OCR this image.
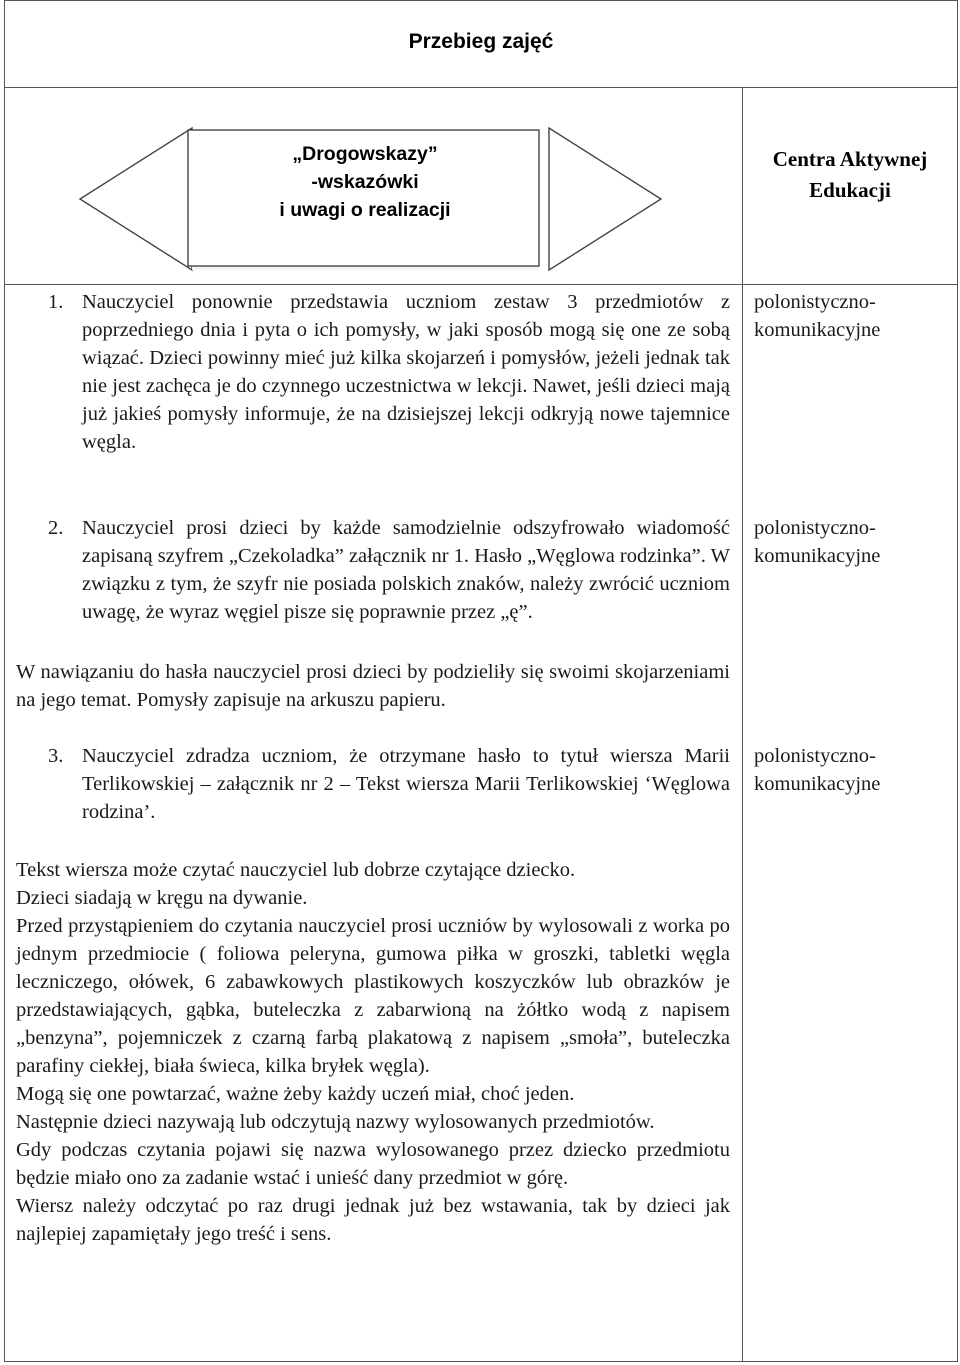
Przebieg zajęć
„Drogowskazy”
-wskazówki
i uwagi o realizacji
Centra Aktywnej
Edukacji
1. Nauczyciel ponownie przedstawia uczniom zestaw 3 przedmiotów z poprzedniego dnia i pyta o ich pomysły, w jaki sposób mogą się one ze sobą wiązać. Dzieci powinny mieć już kilka skojarzeń i pomysłów, jeżeli jednak tak nie jest zachęca je do czynnego uczestnictwa w lekcji. Nawet, jeśli dzieci mają już jakieś pomysły informuje, że na dzisiejszej lekcji odkryją nowe tajemnice węgla.

polonistyczno-
komunikacyjne
2. Nauczyciel prosi dzieci by każde samodzielnie odszyfrowało wiadomość zapisaną szyfrem „Czekoladka” załącznik nr 1. Hasło „Węglowa rodzinka”. W związku z tym, że szyfr nie posiada polskich znaków, należy zwrócić uczniom uwagę, że wyraz węgiel pisze się poprawnie przez „ę”.

W nawiązaniu do hasła nauczyciel prosi dzieci by podzieliły się swoimi skojarzeniami na jego temat. Pomysły zapisuje na arkuszu papieru.

polonistyczno-
komunikacyjne
3. Nauczyciel zdradza uczniom, że otrzymane hasło to tytuł wiersza Marii Terlikowskiej – załącznik nr 2 – Tekst wiersza Marii Terlikowskiej ‘Węglowa rodzina’.

polonistyczno-
komunikacyjne

Tekst wiersza może czytać nauczyciel lub dobrze czytające dziecko.

Dzieci siadają w kręgu na dywanie.

Przed przystąpieniem do czytania nauczyciel prosi uczniów by wylosowali z worka po jednym przedmiocie ( foliowa peleryna, gumowa piłka w groszki, tabletki węgla leczniczego, ołówek, 6 zabawkowych plastikowych koszyczków lub obrazków je przedstawiających, gąbka, buteleczka z zabarwioną na żółtko wodą z napisem „benzyna”, pojemniczek z czarną farbą plakatową z napisem „smoła”, buteleczka parafiny ciekłej, biała świeca, kilka bryłek węgla).

Mogą się one powtarzać, ważne żeby każdy uczeń miał, choć jeden.

Następnie dzieci nazywają lub odczytują nazwy wylosowanych przedmiotów.

Gdy podczas czytania pojawi się nazwa wylosowanego przez dziecko przedmiotu będzie miało ono za zadanie wstać i unieść dany przedmiot w górę.

Wiersz należy odczytać po raz drugi jednak już bez wstawania, tak by dzieci jak najlepiej zapamiętały jego treść i sens.
